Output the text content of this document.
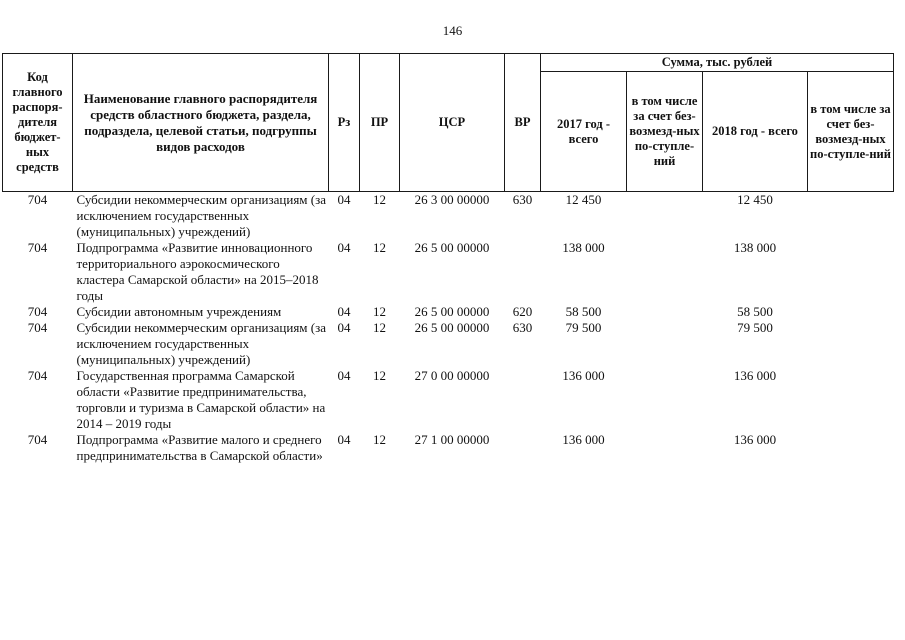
146
Код главного распоря-дителя бюджет-ных средств	Наименование главного распорядителя средств областного бюджета, раздела, подраздела, целевой статьи, подгруппы видов расходов	Рз	ПР	ЦСР	ВР	Сумма, тыс. рублей			
						2017 год - всего	в том числе за счет без-возмезд-ных по-ступле-ний	2018 год - всего	в том числе за счет без-возмезд-ных по-ступле-ний
704	Субсидии некоммерческим организациям (за исключением государственных (муниципальных) учреждений)	04	12	26 3 00 00000	630	12 450		12 450	
704	Подпрограмма «Развитие инновационного территориального аэрокосмического кластера Самарской области» на 2015–2018 годы	04	12	26 5 00 00000		138 000		138 000	
704	Субсидии автономным учреждениям	04	12	26 5 00 00000	620	58 500		58 500	
704	Субсидии некоммерческим организациям (за исключением государственных (муниципальных) учреждений)	04	12	26 5 00 00000	630	79 500		79 500	
704	Государственная программа Самарской области «Развитие предпринимательства, торговли и туризма в Самарской области» на 2014 – 2019 годы	04	12	27 0 00 00000		136 000		136 000	
704	Подпрограмма «Развитие малого и среднего предпринимательства в Самарской области»	04	12	27 1 00 00000		136 000		136 000	
